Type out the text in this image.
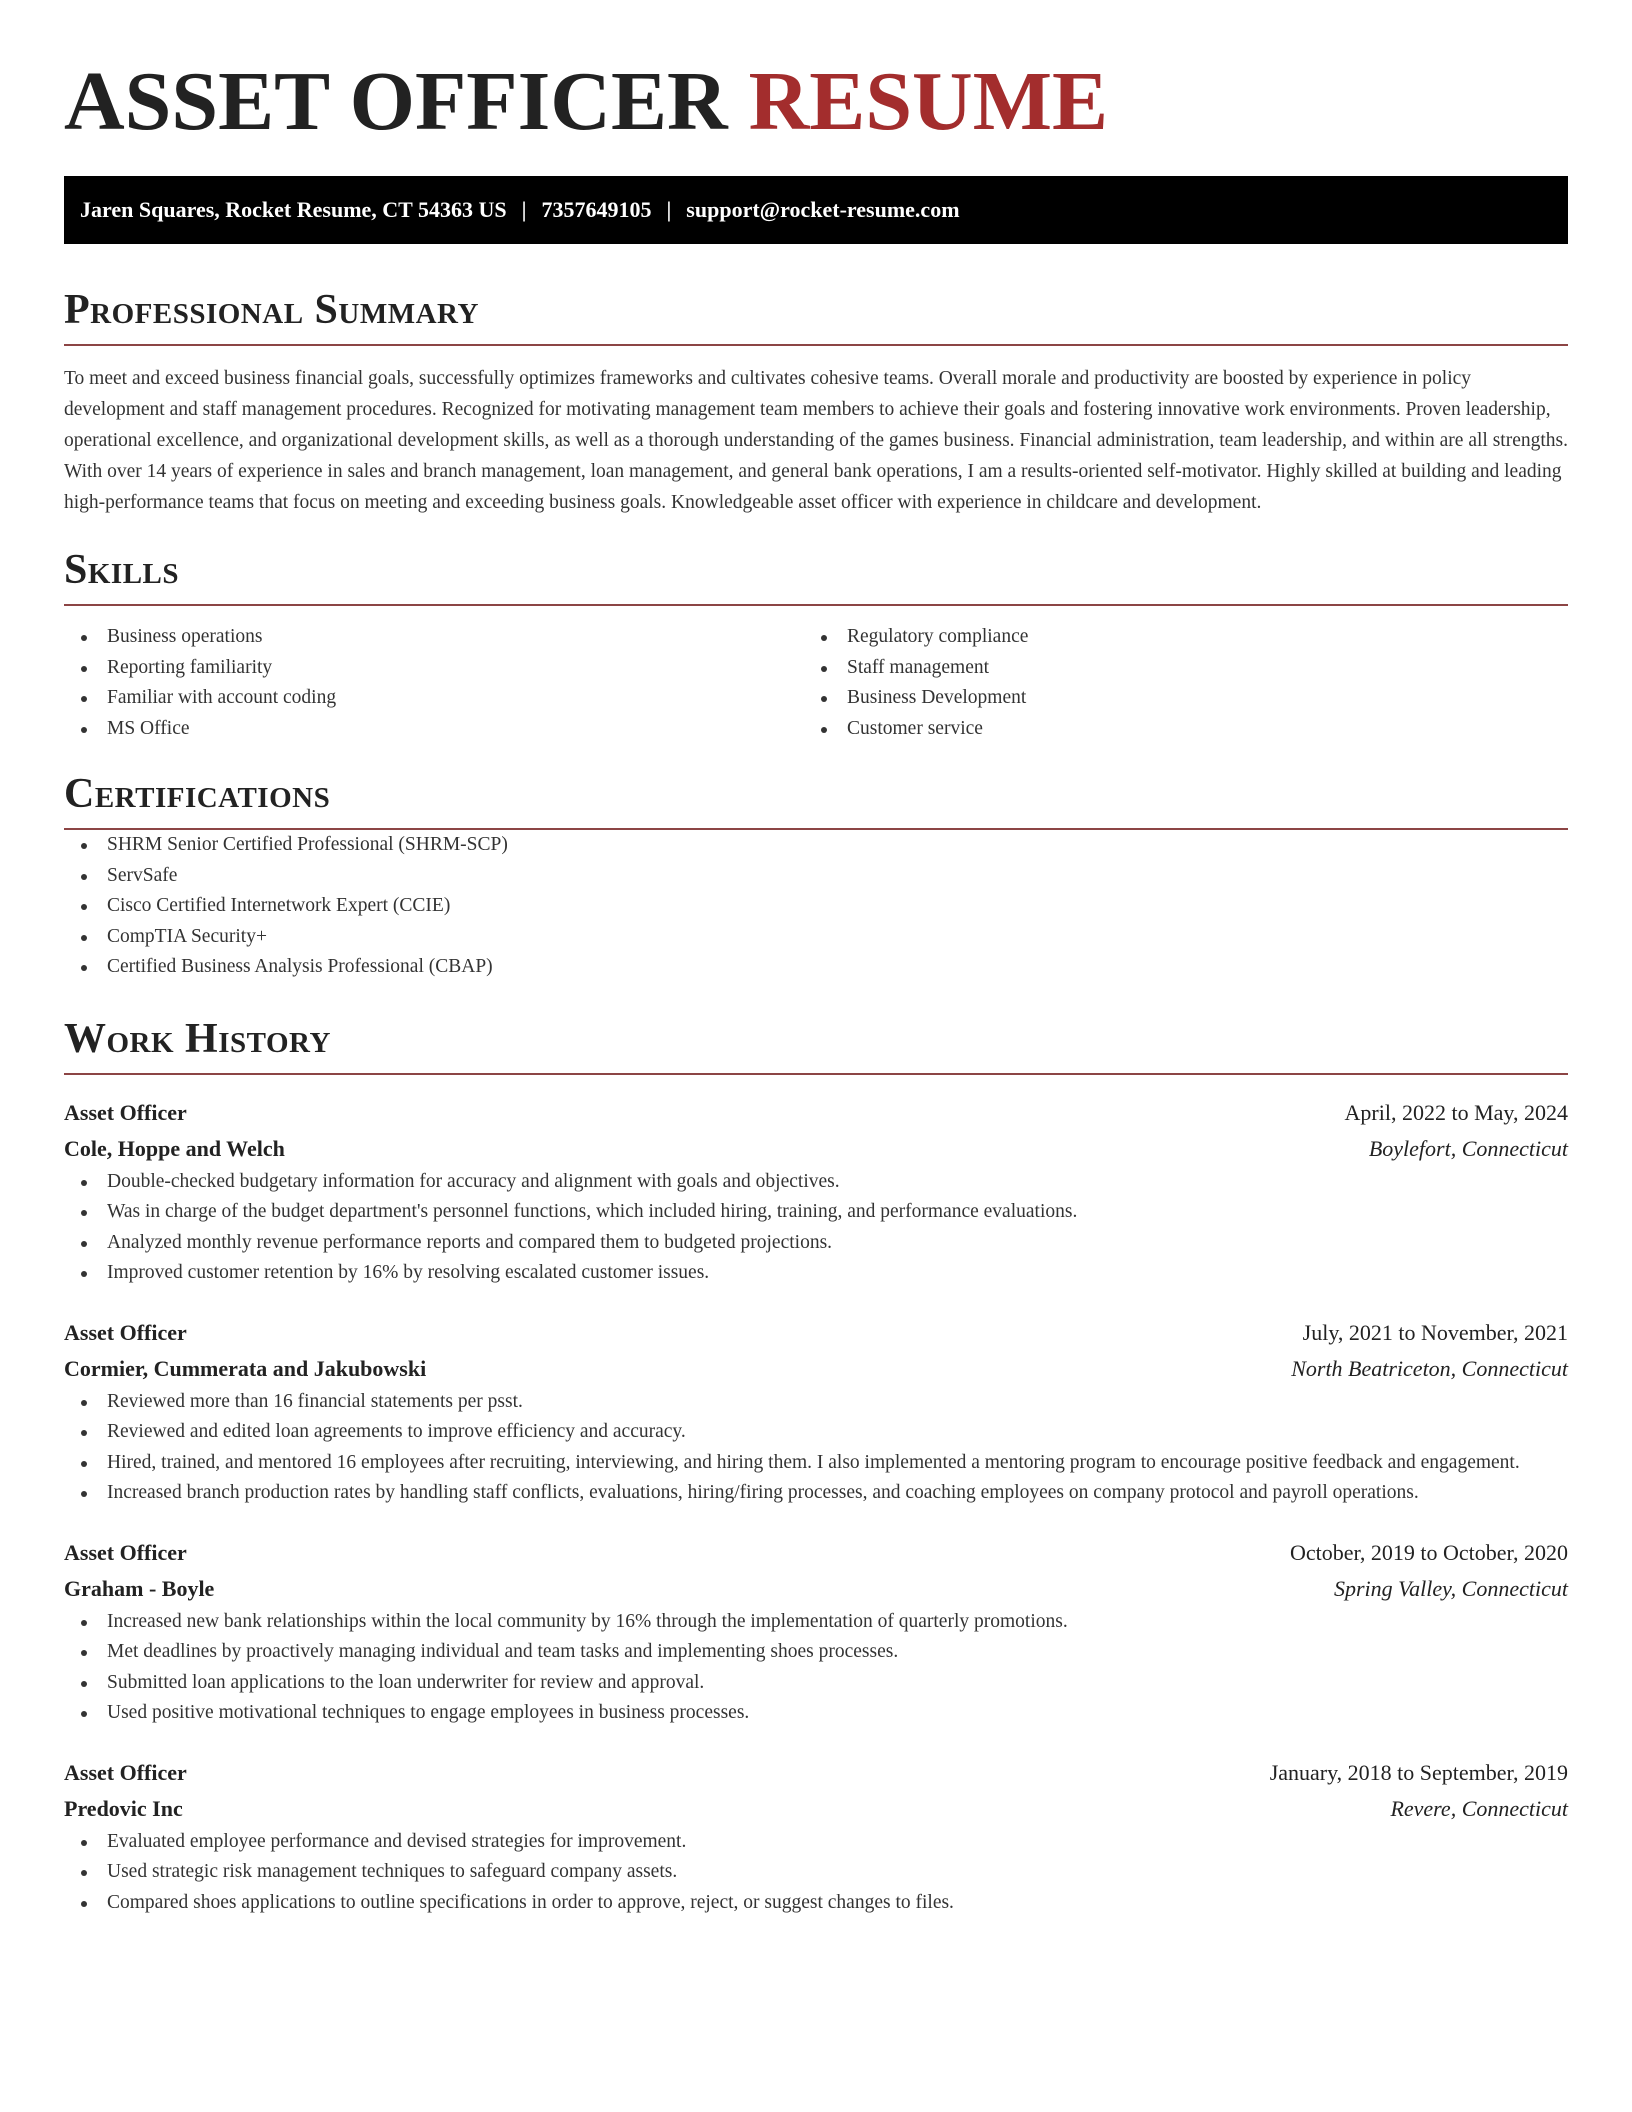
ASSET OFFICER RESUME
Jaren Squares, Rocket Resume, CT 54363 US | 7357649105 | support@rocket-resume.com
Professional Summary

To meet and exceed business financial goals, successfully optimizes frameworks and cultivates cohesive teams. Overall morale and productivity are boosted by experience in policy development and staff management procedures. Recognized for motivating management team members to achieve their goals and fostering innovative work environments. Proven leadership, operational excellence, and organizational development skills, as well as a thorough understanding of the games business. Financial administration, team leadership, and within are all strengths. With over 14 years of experience in sales and branch management, loan management, and general bank operations, I am a results-oriented self-motivator. Highly skilled at building and leading high-performance teams that focus on meeting and exceeding business goals. Knowledgeable asset officer with experience in childcare and development.

Skills
Business operations
Reporting familiarity
Familiar with account coding
MS Office
Regulatory compliance
Staff management
Business Development
Customer service
Certifications
SHRM Senior Certified Professional (SHRM-SCP)
ServSafe
Cisco Certified Internetwork Expert (CCIE)
CompTIA Security+
Certified Business Analysis Professional (CBAP)
Work History
Asset Officer	April, 2022 to May, 2024
Cole, Hoppe and Welch	Boylefort, Connecticut
Double-checked budgetary information for accuracy and alignment with goals and objectives.
Was in charge of the budget department's personnel functions, which included hiring, training, and performance evaluations.
Analyzed monthly revenue performance reports and compared them to budgeted projections.
Improved customer retention by 16% by resolving escalated customer issues.
Asset Officer	July, 2021 to November, 2021
Cormier, Cummerata and Jakubowski	North Beatriceton, Connecticut
Reviewed more than 16 financial statements per psst.
Reviewed and edited loan agreements to improve efficiency and accuracy.
Hired, trained, and mentored 16 employees after recruiting, interviewing, and hiring them. I also implemented a mentoring program to encourage positive feedback and engagement.
Increased branch production rates by handling staff conflicts, evaluations, hiring/firing processes, and coaching employees on company protocol and payroll operations.
Asset Officer	October, 2019 to October, 2020
Graham - Boyle	Spring Valley, Connecticut
Increased new bank relationships within the local community by 16% through the implementation of quarterly promotions.
Met deadlines by proactively managing individual and team tasks and implementing shoes processes.
Submitted loan applications to the loan underwriter for review and approval.
Used positive motivational techniques to engage employees in business processes.
Asset Officer	January, 2018 to September, 2019
Predovic Inc	Revere, Connecticut
Evaluated employee performance and devised strategies for improvement.
Used strategic risk management techniques to safeguard company assets.
Compared shoes applications to outline specifications in order to approve, reject, or suggest changes to files.
